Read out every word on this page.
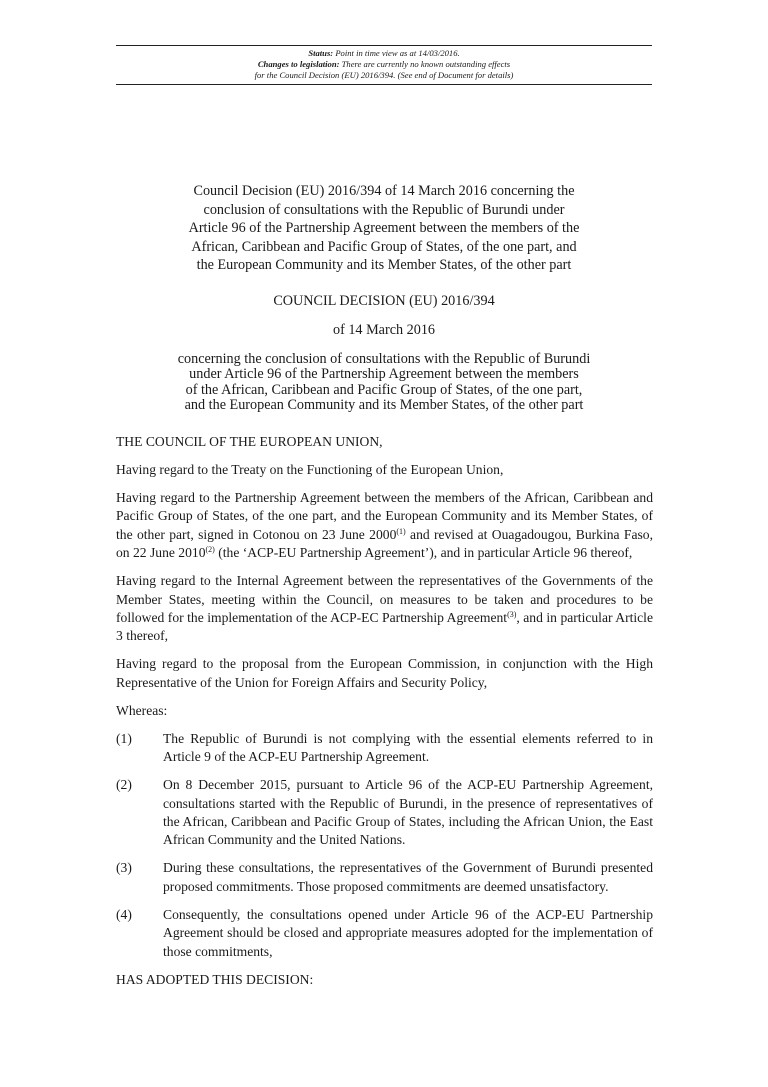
Status: Point in time view as at 14/03/2016.
Changes to legislation: There are currently no known outstanding effects
for the Council Decision (EU) 2016/394. (See end of Document for details)
Council Decision (EU) 2016/394 of 14 March 2016 concerning the
conclusion of consultations with the Republic of Burundi under
Article 96 of the Partnership Agreement between the members of the
African, Caribbean and Pacific Group of States, of the one part, and
the European Community and its Member States, of the other part
COUNCIL DECISION (EU) 2016/394
of 14 March 2016
concerning the conclusion of consultations with the Republic of Burundi
under Article 96 of the Partnership Agreement between the members
of the African, Caribbean and Pacific Group of States, of the one part,
and the European Community and its Member States, of the other part

THE COUNCIL OF THE EUROPEAN UNION,

Having regard to the Treaty on the Functioning of the European Union,

Having regard to the Partnership Agreement between the members of the African, Caribbean and Pacific Group of States, of the one part, and the European Community and its Member States, of the other part, signed in Cotonou on 23 June 2000$^{(1)}$ and revised at Ouagadougou, Burkina Faso, on 22 June 2010$^{(2)}$ (the ‘ACP-EU Partnership Agreement’), and in particular Article 96 thereof,

Having regard to the Internal Agreement between the representatives of the Governments of the Member States, meeting within the Council, on measures to be taken and procedures to be followed for the implementation of the ACP-EC Partnership Agreement$^{(3)}$, and in particular Article 3 thereof,

Having regard to the proposal from the European Commission, in conjunction with the High Representative of the Union for Foreign Affairs and Security Policy,

Whereas:

(1)	The Republic of Burundi is not complying with the essential elements referred to in Article 9 of the ACP-EU Partnership Agreement.
(2)	On 8 December 2015, pursuant to Article 96 of the ACP-EU Partnership Agreement, consultations started with the Republic of Burundi, in the presence of representatives of the African, Caribbean and Pacific Group of States, including the African Union, the East African Community and the United Nations.
(3)	During these consultations, the representatives of the Government of Burundi presented proposed commitments. Those proposed commitments are deemed unsatisfactory.
(4)	Consequently, the consultations opened under Article 96 of the ACP-EU Partnership Agreement should be closed and appropriate measures adopted for the implementation of those commitments,

HAS ADOPTED THIS DECISION:
